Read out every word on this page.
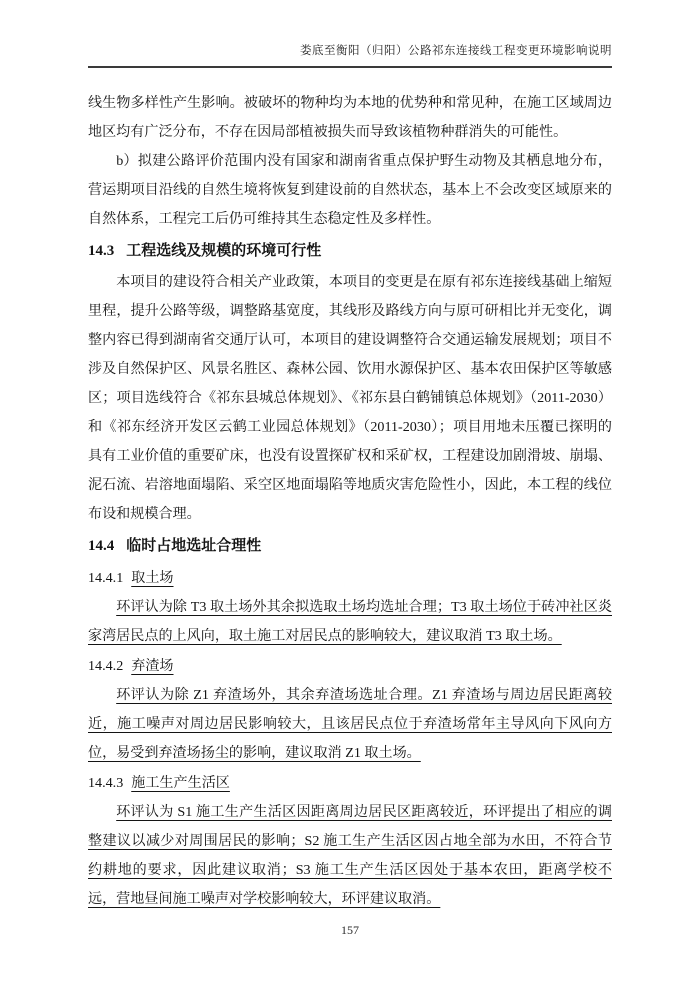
娄底至衡阳（归阳）公路祁东连接线工程变更环境影响说明

线生物多样性产生影响。被破坏的物种均为本地的优势种和常见种，在施工区域周边地区均有广泛分布，不存在因局部植被损失而导致该植物种群消失的可能性。

b）拟建公路评价范围内没有国家和湖南省重点保护野生动物及其栖息地分布，营运期项目沿线的自然生境将恢复到建设前的自然状态，基本上不会改变区域原来的自然体系，工程完工后仍可维持其生态稳定性及多样性。

14.3 工程选线及规模的环境可行性

本项目的建设符合相关产业政策，本项目的变更是在原有祁东连接线基础上缩短里程，提升公路等级，调整路基宽度，其线形及路线方向与原可研相比并无变化，调整内容已得到湖南省交通厅认可，本项目的建设调整符合交通运输发展规划；项目不涉及自然保护区、风景名胜区、森林公园、饮用水源保护区、基本农田保护区等敏感区；项目选线符合《祁东县城总体规划》、《祁东县白鹤铺镇总体规划》（2011-2030）和《祁东经济开发区云鹤工业园总体规划》（2011-2030）；项目用地未压覆已探明的具有工业价值的重要矿床，也没有设置探矿权和采矿权，工程建设加剧滑坡、崩塌、泥石流、岩溶地面塌陷、采空区地面塌陷等地质灾害危险性小，因此，本工程的线位布设和规模合理。

14.4 临时占地选址合理性
14.4.1 取土场

环评认为除 T3 取土场外其余拟选取土场均选址合理；T3 取土场位于砖冲社区炎家湾居民点的上风向，取土施工对居民点的影响较大，建议取消 T3 取土场。

14.4.2 弃渣场

环评认为除 Z1 弃渣场外，其余弃渣场选址合理。Z1 弃渣场与周边居民距离较近，施工噪声对周边居民影响较大，且该居民点位于弃渣场常年主导风向下风向方位，易受到弃渣场扬尘的影响，建议取消 Z1 取土场。

14.4.3 施工生产生活区

环评认为 S1 施工生产生活区因距离周边居民区距离较近，环评提出了相应的调整建议以减少对周围居民的影响；S2 施工生产生活区因占地全部为水田，不符合节约耕地的要求，因此建议取消；S3 施工生产生活区因处于基本农田，距离学校不远，营地昼间施工噪声对学校影响较大，环评建议取消。

157
